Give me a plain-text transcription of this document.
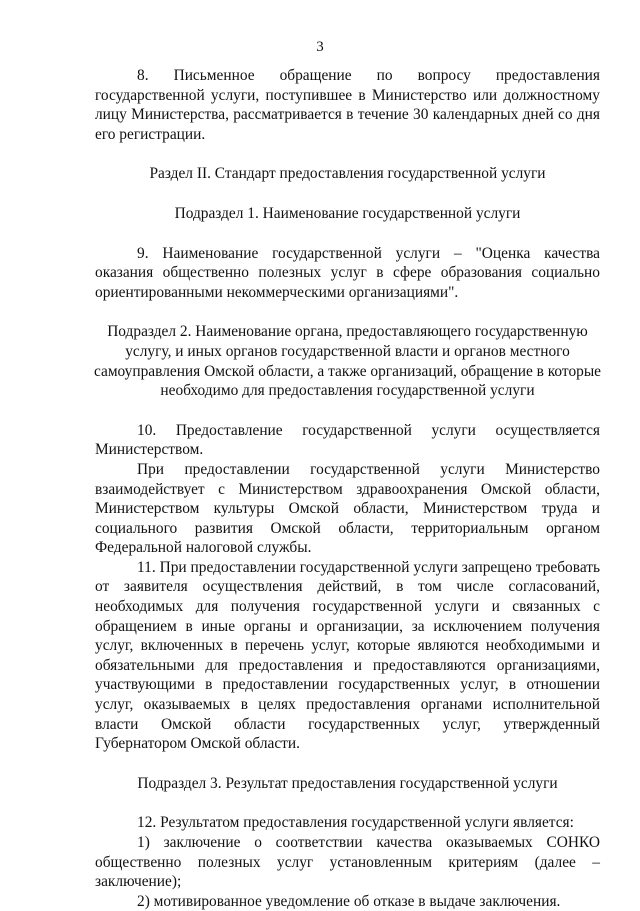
3

8. Письменное обращение по вопросу предоставления государственной услуги, поступившее в Министерство или должностному лицу Министерства, рассматривается в течение 30 календарных дней со дня его регистрации.

Раздел II. Стандарт предоставления государственной услуги

Подраздел 1. Наименование государственной услуги

9. Наименование государственной услуги – "Оценка качества оказания общественно полезных услуг в сфере образования социально ориентированными некоммерческими организациями".

Подраздел 2. Наименование органа, предоставляющего государственную услугу, и иных органов государственной власти и органов местного самоуправления Омской области, а также организаций, обращение в которые необходимо для предоставления государственной услуги

10. Предоставление государственной услуги осуществляется Министерством.

При предоставлении государственной услуги Министерство взаимодействует с Министерством здравоохранения Омской области, Министерством культуры Омской области, Министерством труда и социального развития Омской области, территориальным органом Федеральной налоговой службы.

11. При предоставлении государственной услуги запрещено требовать от заявителя осуществления действий, в том числе согласований, необходимых для получения государственной услуги и связанных с обращением в иные органы и организации, за исключением получения услуг, включенных в перечень услуг, которые являются необходимыми и обязательными для предоставления и предоставляются организациями, участвующими в предоставлении государственных услуг, в отношении услуг, оказываемых в целях предоставления органами исполнительной власти Омской области государственных услуг, утвержденный Губернатором Омской области.

Подраздел 3. Результат предоставления государственной услуги

12. Результатом предоставления государственной услуги является:

1) заключение о соответствии качества оказываемых СОНКО общественно полезных услуг установленным критериям (далее – заключение);

2) мотивированное уведомление об отказе в выдаче заключения.
